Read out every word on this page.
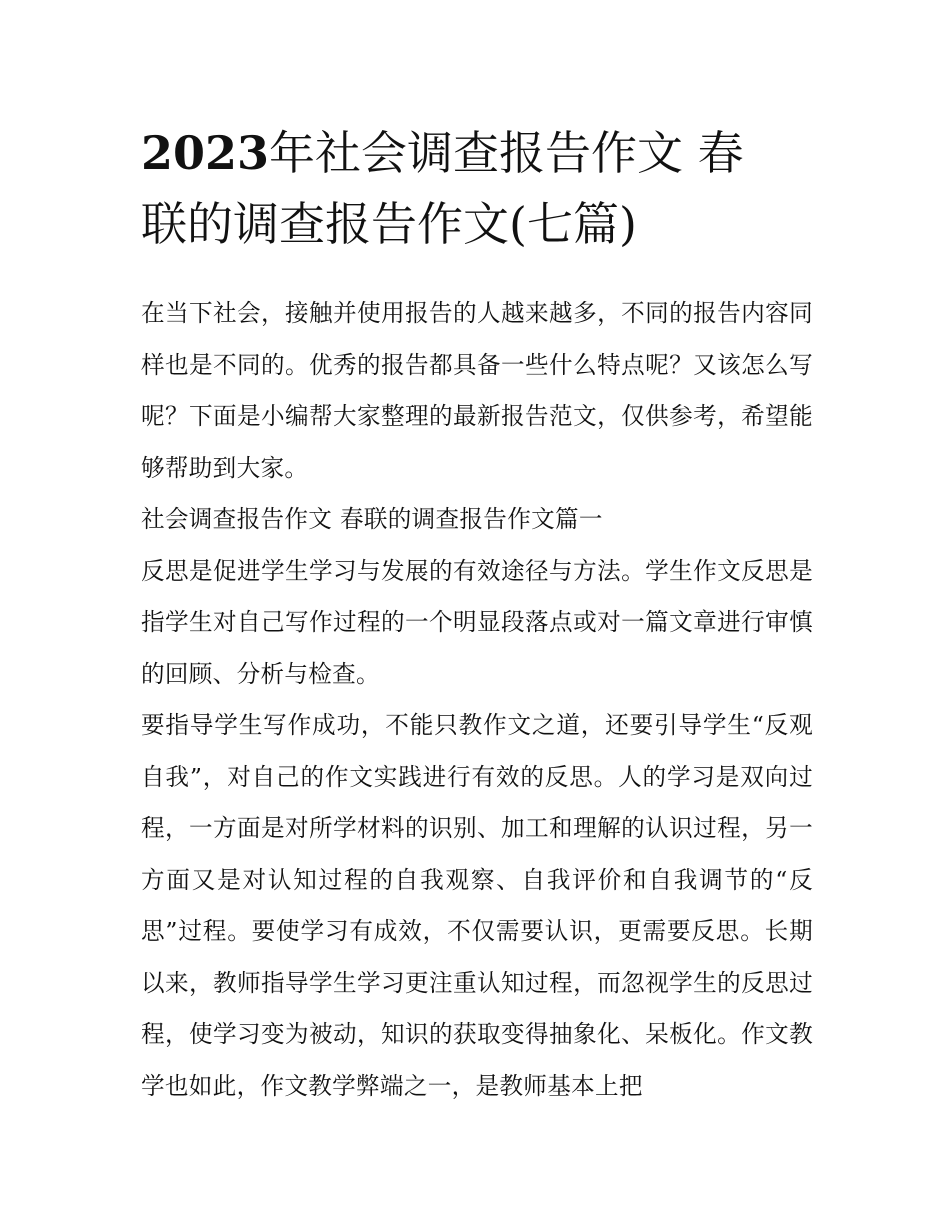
2023年社会调查报告作文 春
联的调查报告作文(七篇)

在当下社会，接触并使用报告的人越来越多，不同的报告内容同样也是不同的。优秀的报告都具备一些什么特点呢？又该怎么写呢？下面是小编帮大家整理的最新报告范文，仅供参考，希望能够帮助到大家。

社会调查报告作文 春联的调查报告作文篇一

反思是促进学生学习与发展的有效途径与方法。学生作文反思是指学生对自己写作过程的一个明显段落点或对一篇文章进行审慎的回顾、分析与检查。

要指导学生写作成功，不能只教作文之道，还要引导学生“反观自我”，对自己的作文实践进行有效的反思。人的学习是双向过程，一方面是对所学材料的识别、加工和理解的认识过程，另一方面又是对认知过程的自我观察、自我评价和自我调节的“反思”过程。要使学习有成效，不仅需要认识，更需要反思。长期以来，教师指导学生学习更注重认知过程，而忽视学生的反思过程，使学习变为被动，知识的获取变得抽象化、呆板化。作文教学也如此，作文教学弊端之一，是教师基本上把
